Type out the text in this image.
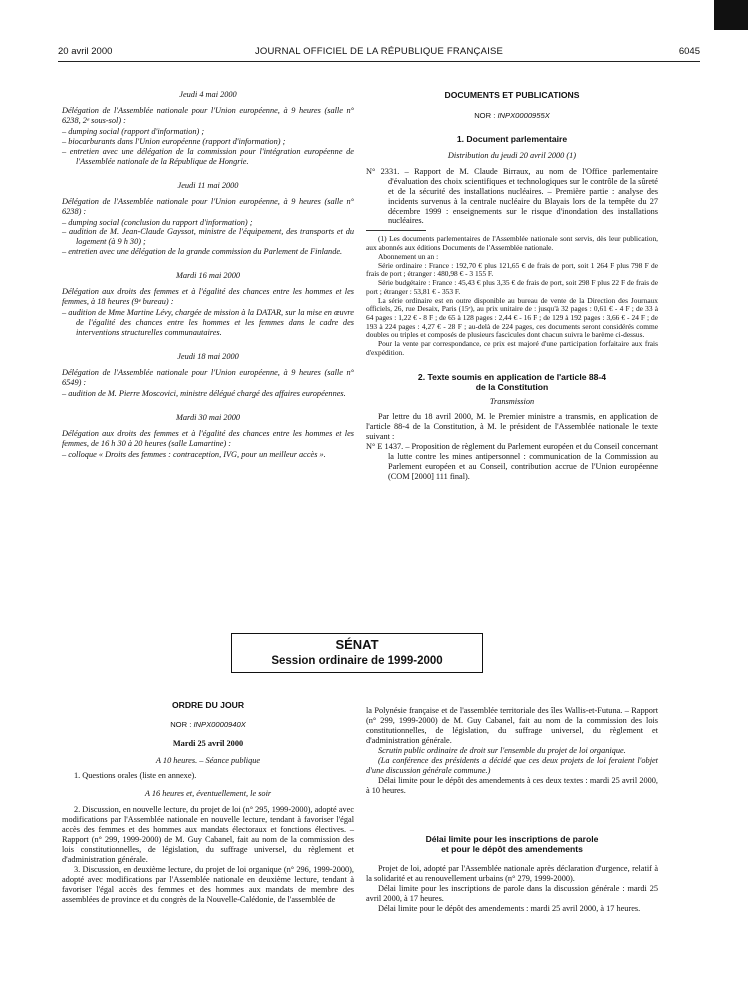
20 avril 2000	JOURNAL OFFICIEL DE LA RÉPUBLIQUE FRANÇAISE	6045

Jeudi 4 mai 2000

Délégation de l'Assemblée nationale pour l'Union européenne, à 9 heures (salle n° 6238, 2ᵉ sous-sol) :

– dumping social (rapport d'information) ;

– biocarburants dans l'Union européenne (rapport d'information) ;

– entretien avec une délégation de la commission pour l'intégration européenne de l'Assemblée nationale de la République de Hongrie.

Jeudi 11 mai 2000

Délégation de l'Assemblée nationale pour l'Union européenne, à 9 heures (salle n° 6238) :

– dumping social (conclusion du rapport d'information) ;

– audition de M. Jean-Claude Gayssot, ministre de l'équipement, des transports et du logement (à 9 h 30) ;

– entretien avec une délégation de la grande commission du Parlement de Finlande.

Mardi 16 mai 2000

Délégation aux droits des femmes et à l'égalité des chances entre les hommes et les femmes, à 18 heures (9ᵉ bureau) :

– audition de Mme Martine Lévy, chargée de mission à la DATAR, sur la mise en œuvre de l'égalité des chances entre les hommes et les femmes dans le cadre des interventions structurelles communautaires.

Jeudi 18 mai 2000

Délégation de l'Assemblée nationale pour l'Union européenne, à 9 heures (salle n° 6549) :

– audition de M. Pierre Moscovici, ministre délégué chargé des affaires européennes.

Mardi 30 mai 2000

Délégation aux droits des femmes et à l'égalité des chances entre les hommes et les femmes, de 16 h 30 à 20 heures (salle Lamartine) :

– colloque « Droits des femmes : contraception, IVG, pour un meilleur accès ».

DOCUMENTS ET PUBLICATIONS

NOR : INPX0000955X

1. Document parlementaire

Distribution du jeudi 20 avril 2000 (1)

N° 2331. – Rapport de M. Claude Birraux, au nom de l'Office parlementaire d'évaluation des choix scientifiques et technologiques sur le contrôle de la sûreté et de la sécurité des installations nucléaires. – Première partie : analyse des incidents survenus à la centrale nucléaire du Blayais lors de la tempête du 27 décembre 1999 : enseignements sur le risque d'inondation des installations nucléaires.

(1) Les documents parlementaires de l'Assemblée nationale sont servis, dès leur publication, aux abonnés aux éditions Documents de l'Assemblée nationale.

Abonnement un an :

Série ordinaire : France : 192,70 € plus 121,65 € de frais de port, soit 1 264 F plus 798 F de frais de port ; étranger : 480,98 € - 3 155 F.

Série budgétaire : France : 45,43 € plus 3,35 € de frais de port, soit 298 F plus 22 F de frais de port ; étranger : 53,81 € - 353 F.

La série ordinaire est en outre disponible au bureau de vente de la Direction des Journaux officiels, 26, rue Desaix, Paris (15ᵉ), au prix unitaire de : jusqu'à 32 pages : 0,61 € - 4 F ; de 33 à 64 pages : 1,22 € - 8 F ; de 65 à 128 pages : 2,44 € - 16 F ; de 129 à 192 pages : 3,66 € - 24 F ; de 193 à 224 pages : 4,27 € - 28 F ; au-delà de 224 pages, ces documents seront considérés comme doubles ou triples et composés de plusieurs fascicules dont chacun suivra le barème ci-dessus.

Pour la vente par correspondance, ce prix est majoré d'une participation forfaitaire aux frais d'expédition.

2. Texte soumis en application de l'article 88-4

de la Constitution

Transmission

Par lettre du 18 avril 2000, M. le Premier ministre a transmis, en application de l'article 88-4 de la Constitution, à M. le président de l'Assemblée nationale le texte suivant :

N° E 1437. – Proposition de règlement du Parlement européen et du Conseil concernant la lutte contre les mines antipersonnel : communication de la Commission au Parlement européen et au Conseil, contribution accrue de l'Union européenne (COM [2000] 111 final).

SÉNAT
Session ordinaire de 1999-2000

ORDRE DU JOUR

NOR : INPX0000940X

Mardi 25 avril 2000

A 10 heures. – Séance publique

1. Questions orales (liste en annexe).

A 16 heures et, éventuellement, le soir

2. Discussion, en nouvelle lecture, du projet de loi (n° 295, 1999-2000), adopté avec modifications par l'Assemblée nationale en nouvelle lecture, tendant à favoriser l'égal accès des femmes et des hommes aux mandats électoraux et fonctions électives. – Rapport (n° 299, 1999-2000) de M. Guy Cabanel, fait au nom de la commission des lois constitutionnelles, de législation, du suffrage universel, du règlement et d'administration générale.

3. Discussion, en deuxième lecture, du projet de loi organique (n° 296, 1999-2000), adopté avec modifications par l'Assemblée nationale en deuxième lecture, tendant à favoriser l'égal accès des femmes et des hommes aux mandats de membre des assemblées de province et du congrès de la Nouvelle-Calédonie, de l'assemblée de

la Polynésie française et de l'assemblée territoriale des îles Wallis-et-Futuna. – Rapport (n° 299, 1999-2000) de M. Guy Cabanel, fait au nom de la commission des lois constitutionnelles, de législation, du suffrage universel, du règlement et d'administration générale.

Scrutin public ordinaire de droit sur l'ensemble du projet de loi organique.

(La conférence des présidents a décidé que ces deux projets de loi feraient l'objet d'une discussion générale commune.)

Délai limite pour le dépôt des amendements à ces deux textes : mardi 25 avril 2000, à 10 heures.

Délai limite pour les inscriptions de parole

et pour le dépôt des amendements

Projet de loi, adopté par l'Assemblée nationale après déclaration d'urgence, relatif à la solidarité et au renouvellement urbains (n° 279, 1999-2000).

Délai limite pour les inscriptions de parole dans la discussion générale : mardi 25 avril 2000, à 17 heures.

Délai limite pour le dépôt des amendements : mardi 25 avril 2000, à 17 heures.
